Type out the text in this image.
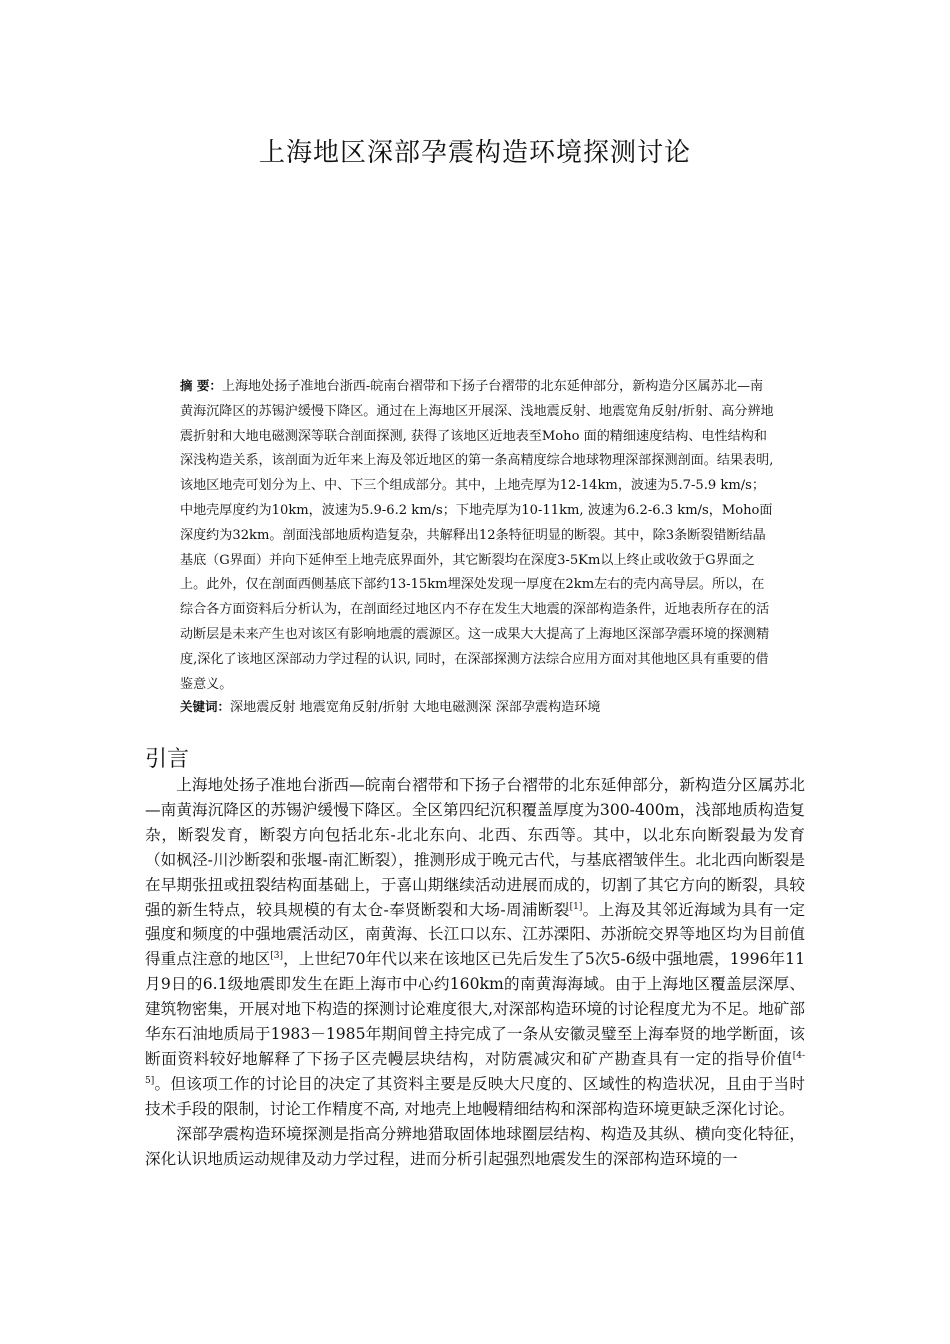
上海地区深部孕震构造环境探测讨论

摘 要：上海地处扬子准地台浙西-皖南台褶带和下扬子台褶带的北东延伸部分，新构造分区属苏北—南黄海沉降区的苏锡沪缓慢下降区。通过在上海地区开展深、浅地震反射、地震宽角反射/折射、高分辨地震折射和大地电磁测深等联合剖面探测, 获得了该地区近地表至Moho 面的精细速度结构、电性结构和深浅构造关系，该剖面为近年来上海及邻近地区的第一条高精度综合地球物理深部探测剖面。结果表明, 该地区地壳可划分为上、中、下三个组成部分。其中，上地壳厚为12-14km，波速为5.7-5.9 km/s；中地壳厚度约为10km，波速为5.9-6.2 km/s；下地壳厚为10-11km, 波速为6.2-6.3 km/s，Moho面深度约为32km。剖面浅部地质构造复杂，共解释出12条特征明显的断裂。其中，除3条断裂错断结晶基底（G界面）并向下延伸至上地壳底界面外，其它断裂均在深度3-5Km以上终止或收敛于G界面之上。此外，仅在剖面西侧基底下部约13-15km埋深处发现一厚度在2km左右的壳内高导层。所以，在综合各方面资料后分析认为，在剖面经过地区内不存在发生大地震的深部构造条件，近地表所存在的活动断层是未来产生也对该区有影响地震的震源区。这一成果大大提高了上海地区深部孕震环境的探测精度,深化了该地区深部动力学过程的认识, 同时，在深部探测方法综合应用方面对其他地区具有重要的借鉴意义。

关键词：深地震反射 地震宽角反射/折射 大地电磁测深 深部孕震构造环境

引言

上海地处扬子准地台浙西—皖南台褶带和下扬子台褶带的北东延伸部分，新构造分区属苏北—南黄海沉降区的苏锡沪缓慢下降区。全区第四纪沉积覆盖厚度为300-400m，浅部地质构造复杂，断裂发育，断裂方向包括北东-北北东向、北西、东西等。其中，以北东向断裂最为发育（如枫泾-川沙断裂和张堰-南汇断裂），推测形成于晚元古代，与基底褶皱伴生。北北西向断裂是在早期张扭或扭裂结构面基础上，于喜山期继续活动进展而成的，切割了其它方向的断裂，具较强的新生特点，较具规模的有太仓-奉贤断裂和大场-周浦断裂[1]。上海及其邻近海域为具有一定强度和频度的中强地震活动区，南黄海、长江口以东、江苏溧阳、苏浙皖交界等地区均为目前值得重点注意的地区[3]，上世纪70年代以来在该地区已先后发生了5次5-6级中强地震，1996年11月9日的6.1级地震即发生在距上海市中心约160km的南黄海海域。由于上海地区覆盖层深厚、建筑物密集，开展对地下构造的探测讨论难度很大,对深部构造环境的讨论程度尤为不足。地矿部华东石油地质局于1983－1985年期间曾主持完成了一条从安徽灵璧至上海奉贤的地学断面，该断面资料较好地解释了下扬子区壳幔层块结构，对防震减灾和矿产勘查具有一定的指导价值[4-5]。但该项工作的讨论目的决定了其资料主要是反映大尺度的、区域性的构造状况，且由于当时技术手段的限制，讨论工作精度不高, 对地壳上地幔精细结构和深部构造环境更缺乏深化讨论。

深部孕震构造环境探测是指高分辨地猎取固体地球圈层结构、构造及其纵、横向变化特征，深化认识地质运动规律及动力学过程，进而分析引起强烈地震发生的深部构造环境的一
